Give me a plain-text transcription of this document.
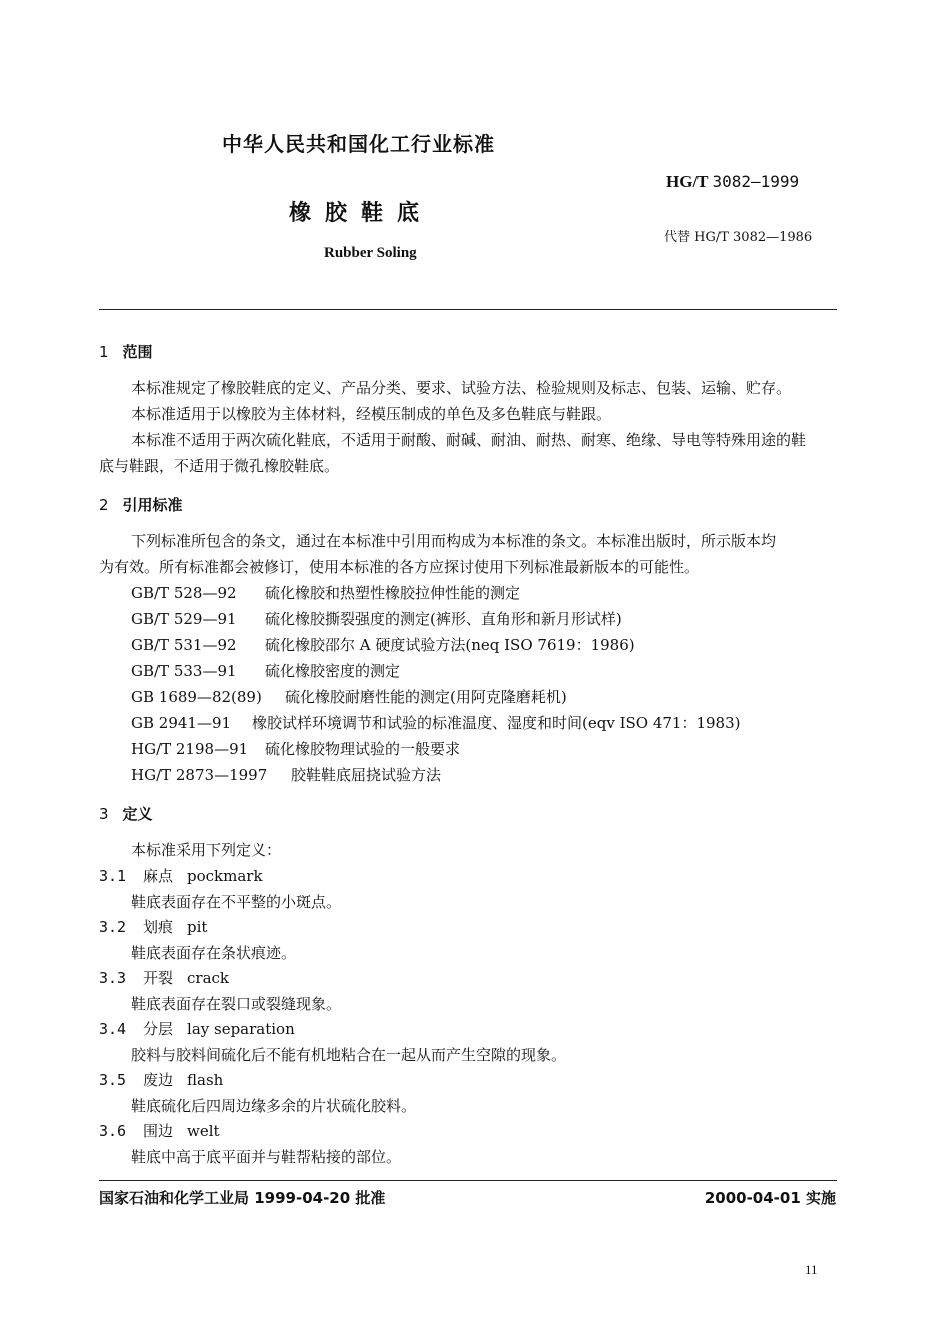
中华人民共和国化工行业标准
HG/T 3082—1999
橡胶鞋底
代替 HG/T 3082—1986
Rubber Soling
1 范围
本标准规定了橡胶鞋底的定义、产品分类、要求、试验方法、检验规则及标志、包装、运输、贮存。
本标准适用于以橡胶为主体材料，经模压制成的单色及多色鞋底与鞋跟。
本标准不适用于两次硫化鞋底，不适用于耐酸、耐碱、耐油、耐热、耐寒、绝缘、导电等特殊用途的鞋
底与鞋跟，不适用于微孔橡胶鞋底。
2 引用标准
下列标准所包含的条文，通过在本标准中引用而构成为本标准的条文。本标准出版时，所示版本均
为有效。所有标准都会被修订，使用本标准的各方应探讨使用下列标准最新版本的可能性。
GB/T 528—92 硫化橡胶和热塑性橡胶拉伸性能的测定
GB/T 529—91 硫化橡胶撕裂强度的测定(裤形、直角形和新月形试样)
GB/T 531—92 硫化橡胶邵尔 A 硬度试验方法(neq ISO 7619：1986)
GB/T 533—91 硫化橡胶密度的测定
GB 1689—82(89) 硫化橡胶耐磨性能的测定(用阿克隆磨耗机)
GB 2941—91 橡胶试样环境调节和试验的标准温度、湿度和时间(eqv ISO 471：1983)
HG/T 2198—91 硫化橡胶物理试验的一般要求
HG/T 2873—1997 胶鞋鞋底屈挠试验方法
3 定义
本标准采用下列定义：
3.1 麻点 pockmark
鞋底表面存在不平整的小斑点。
3.2 划痕 pit
鞋底表面存在条状痕迹。
3.3 开裂 crack
鞋底表面存在裂口或裂缝现象。
3.4 分层 lay separation
胶料与胶料间硫化后不能有机地粘合在一起从而产生空隙的现象。
3.5 废边 flash
鞋底硫化后四周边缘多余的片状硫化胶料。
3.6 围边 welt
鞋底中高于底平面并与鞋帮粘接的部位。
国家石油和化学工业局 1999-04-20 批准	2000-04-01 实施
11
